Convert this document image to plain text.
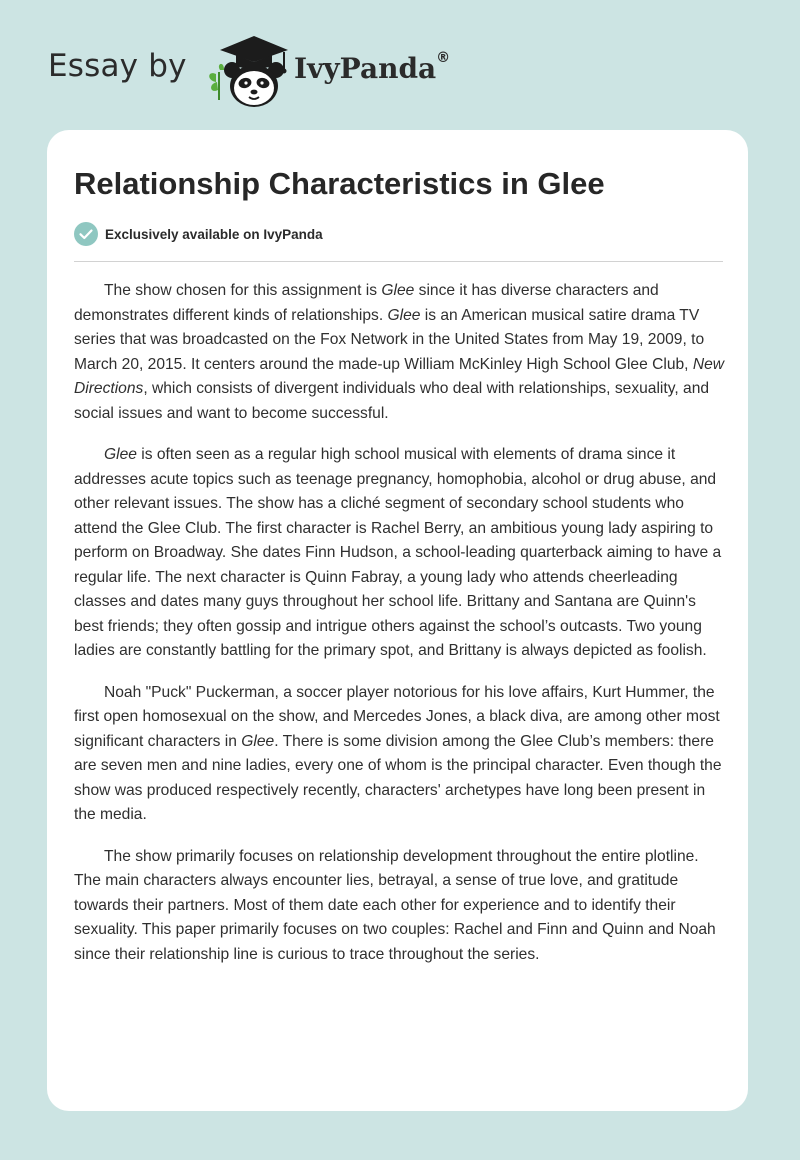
Essay by	IvyPanda®
Relationship Characteristics in Glee
Exclusively available on IvyPanda

The show chosen for this assignment is Glee since it has diverse characters and demonstrates different kinds of relationships. Glee is an American musical satire drama TV series that was broadcasted on the Fox Network in the United States from May 19, 2009, to March 20, 2015. It centers around the made-up William McKinley High School Glee Club, New Directions, which consists of divergent individuals who deal with relationships, sexuality, and social issues and want to become successful.

Glee is often seen as a regular high school musical with elements of drama since it addresses acute topics such as teenage pregnancy, homophobia, alcohol or drug abuse, and other relevant issues. The show has a cliché segment of secondary school students who attend the Glee Club. The first character is Rachel Berry, an ambitious young lady aspiring to perform on Broadway. She dates Finn Hudson, a school-leading quarterback aiming to have a regular life. The next character is Quinn Fabray, a young lady who attends cheerleading classes and dates many guys throughout her school life. Brittany and Santana are Quinn's best friends; they often gossip and intrigue others against the school’s outcasts. Two young ladies are constantly battling for the primary spot, and Brittany is always depicted as foolish.

Noah "Puck" Puckerman, a soccer player notorious for his love affairs, Kurt Hummer, the first open homosexual on the show, and Mercedes Jones, a black diva, are among other most significant characters in Glee. There is some division among the Glee Club’s members: there are seven men and nine ladies, every one of whom is the principal character. Even though the show was produced respectively recently, characters' archetypes have long been present in the media.

The show primarily focuses on relationship development throughout the entire plotline. The main characters always encounter lies, betrayal, a sense of true love, and gratitude towards their partners. Most of them date each other for experience and to identify their sexuality. This paper primarily focuses on two couples: Rachel and Finn and Quinn and Noah since their relationship line is curious to trace throughout the series.
